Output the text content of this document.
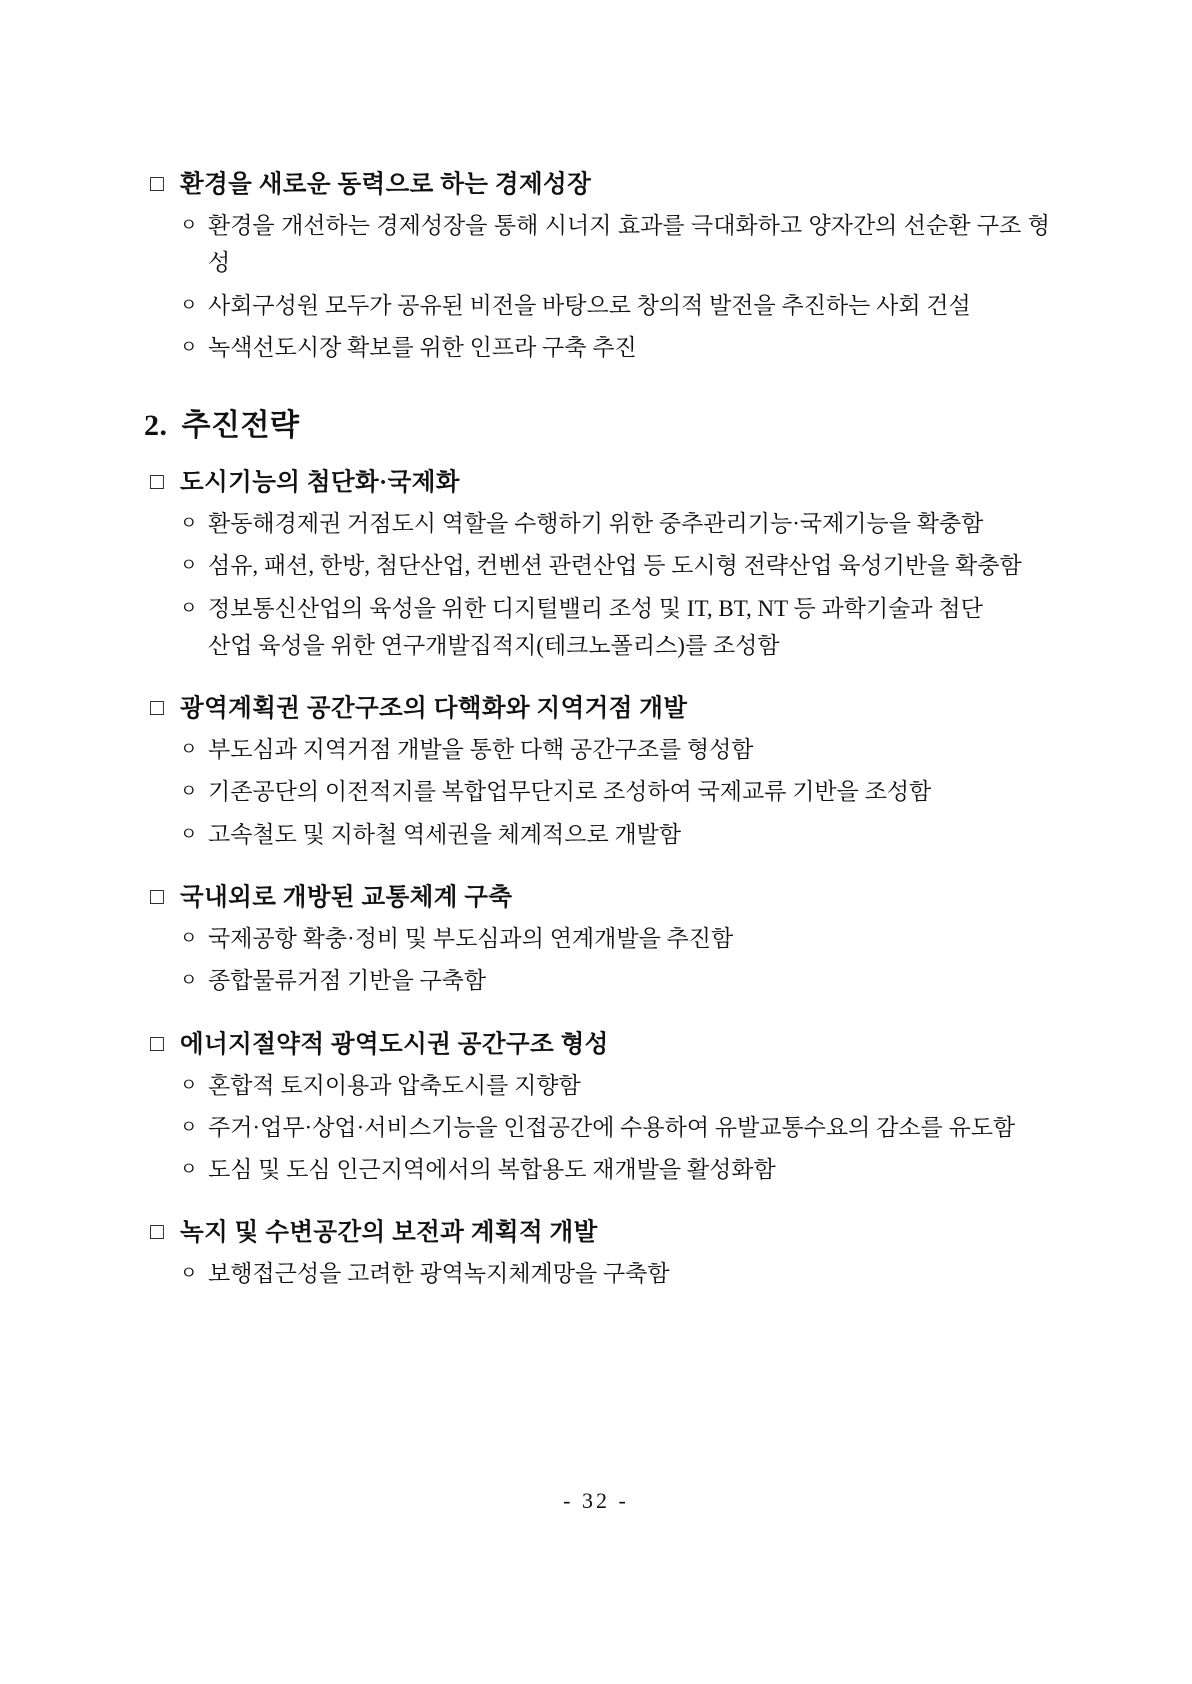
□ 환경을 새로운 동력으로 하는 경제성장
ㅇ 환경을 개선하는 경제성장을 통해 시너지 효과를 극대화하고 양자간의 선순환 구조 형성
ㅇ 사회구성원 모두가 공유된 비전을 바탕으로 창의적 발전을 추진하는 사회 건설
ㅇ 녹색선도시장 확보를 위한 인프라 구축 추진
2. 추진전략
□ 도시기능의 첨단화·국제화
ㅇ 환동해경제권 거점도시 역할을 수행하기 위한 중추관리기능·국제기능을 확충함
ㅇ 섬유, 패션, 한방, 첨단산업, 컨벤션 관련산업 등 도시형 전략산업 육성기반을 확충함
ㅇ 정보통신산업의 육성을 위한 디지털밸리 조성 및 IT, BT, NT 등 과학기술과 첨단
산업 육성을 위한 연구개발집적지(테크노폴리스)를 조성함
□ 광역계획권 공간구조의 다핵화와 지역거점 개발
ㅇ 부도심과 지역거점 개발을 통한 다핵 공간구조를 형성함
ㅇ 기존공단의 이전적지를 복합업무단지로 조성하여 국제교류 기반을 조성함
ㅇ 고속철도 및 지하철 역세권을 체계적으로 개발함
□ 국내외로 개방된 교통체계 구축
ㅇ 국제공항 확충·정비 및 부도심과의 연계개발을 추진함
ㅇ 종합물류거점 기반을 구축함
□ 에너지절약적 광역도시권 공간구조 형성
ㅇ 혼합적 토지이용과 압축도시를 지향함
ㅇ 주거·업무·상업·서비스기능을 인접공간에 수용하여 유발교통수요의 감소를 유도함
ㅇ 도심 및 도심 인근지역에서의 복합용도 재개발을 활성화함
□ 녹지 및 수변공간의 보전과 계획적 개발
ㅇ 보행접근성을 고려한 광역녹지체계망을 구축함
- 32 -
